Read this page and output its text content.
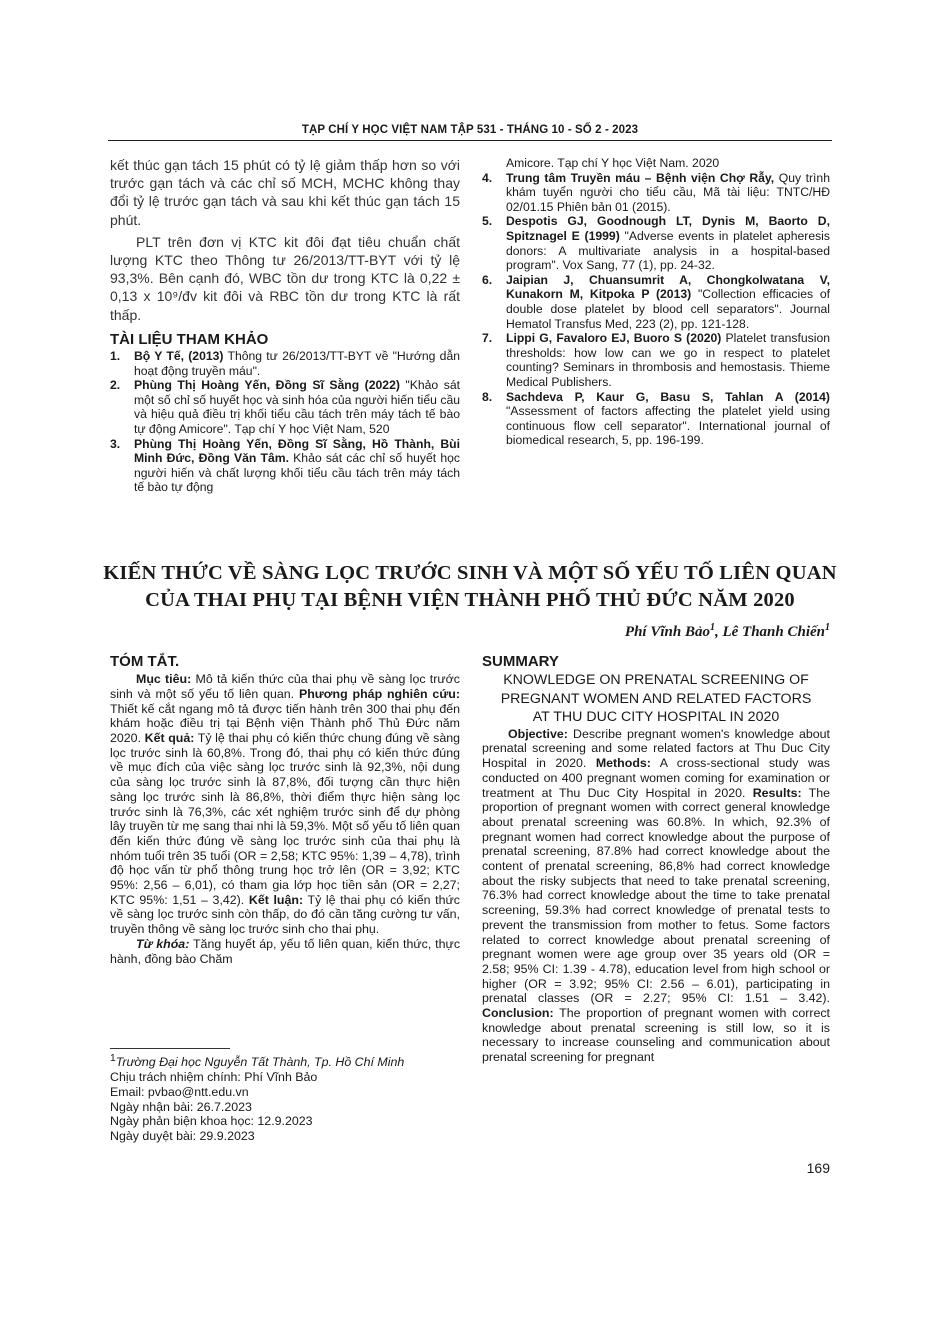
TẠP CHÍ Y HỌC VIỆT NAM TẬP 531 - THÁNG 10 - SỐ 2 - 2023

kết thúc gạn tách 15 phút có tỷ lệ giảm thấp hơn so với trước gạn tách và các chỉ số MCH, MCHC không thay đổi tỷ lệ trước gạn tách và sau khi kết thúc gạn tách 15 phút.

PLT trên đơn vị KTC kit đôi đạt tiêu chuẩn chất lượng KTC theo Thông tư 26/2013/TT-BYT với tỷ lệ 93,3%. Bên cạnh đó, WBC tồn dư trong KTC là 0,22 ± 0,13 x 10⁹/đv kit đôi và RBC tồn dư trong KTC là rất thấp.

TÀI LIỆU THAM KHẢO
1. Bộ Y Tế, (2013) Thông tư 26/2013/TT-BYT về "Hướng dẫn hoạt động truyền máu".
2. Phùng Thị Hoàng Yến, Đồng Sĩ Sằng (2022) "Khảo sát một số chỉ số huyết học và sinh hóa của người hiến tiểu cầu và hiệu quả điều trị khối tiểu cầu tách trên máy tách tế bào tự động Amicore". Tạp chí Y học Việt Nam, 520
3. Phùng Thị Hoàng Yến, Đồng Sĩ Sằng, Hồ Thành, Bùi Minh Đức, Đồng Văn Tâm. Khảo sát các chỉ số huyết học người hiến và chất lượng khối tiểu cầu tách trên máy tách tế bào tự động
Amicore. Tạp chí Y học Việt Nam. 2020
4. Trung tâm Truyền máu – Bệnh viện Chợ Rẫy, Quy trình khám tuyển người cho tiểu cầu, Mã tài liệu: TNTC/HĐ 02/01.15 Phiên bản 01 (2015).
5. Despotis GJ, Goodnough LT, Dynis M, Baorto D, Spitznagel E (1999) "Adverse events in platelet apheresis donors: A multivariate analysis in a hospital-based program". Vox Sang, 77 (1), pp. 24-32.
6. Jaipian J, Chuansumrit A, Chongkolwatana V, Kunakorn M, Kitpoka P (2013) "Collection efficacies of double dose platelet by blood cell separators". Journal Hematol Transfus Med, 223 (2), pp. 121-128.
7. Lippi G, Favaloro EJ, Buoro S (2020) Platelet transfusion thresholds: how low can we go in respect to platelet counting? Seminars in thrombosis and hemostasis. Thieme Medical Publishers.
8. Sachdeva P, Kaur G, Basu S, Tahlan A (2014) "Assessment of factors affecting the platelet yield using continuous flow cell separator". International journal of biomedical research, 5, pp. 196-199.
KIẾN THỨC VỀ SÀNG LỌC TRƯỚC SINH VÀ MỘT SỐ YẾU TỐ LIÊN QUAN
CỦA THAI PHỤ TẠI BỆNH VIỆN THÀNH PHỐ THỦ ĐỨC NĂM 2020
Phí Vĩnh Bảo$^1$, Lê Thanh Chiến$^1$
TÓM TẮT.

Mục tiêu: Mô tả kiến thức của thai phụ về sàng lọc trước sinh và một số yếu tố liên quan. Phương pháp nghiên cứu: Thiết kế cắt ngang mô tả được tiến hành trên 300 thai phụ đến khám hoặc điều trị tại Bệnh viện Thành phố Thủ Đức năm 2020. Kết quả: Tỷ lệ thai phụ có kiến thức chung đúng về sàng lọc trước sinh là 60,8%. Trong đó, thai phụ có kiến thức đúng về mục đích của việc sàng lọc trước sinh là 92,3%, nội dung của sàng lọc trước sinh là 87,8%, đối tượng cần thực hiện sàng lọc trước sinh là 86,8%, thời điểm thực hiện sàng lọc trước sinh là 76,3%, các xét nghiệm trước sinh để dự phòng lây truyền từ mẹ sang thai nhi là 59,3%. Một số yếu tố liên quan đến kiến thức đúng về sàng lọc trước sinh của thai phụ là nhóm tuổi trên 35 tuổi (OR = 2,58; KTC 95%: 1,39 – 4,78), trình độ học vấn từ phổ thông trung học trở lên (OR = 3,92; KTC 95%: 2,56 – 6,01), có tham gia lớp học tiền sản (OR = 2,27; KTC 95%: 1,51 – 3,42). Kết luận: Tỷ lệ thai phụ có kiến thức về sàng lọc trước sinh còn thấp, do đó cần tăng cường tư vấn, truyền thông về sàng lọc trước sinh cho thai phụ.

Từ khóa: Tăng huyết áp, yếu tố liên quan, kiến thức, thực hành, đồng bào Chăm

$^1$Trường Đại học Nguyễn Tất Thành, Tp. Hồ Chí Minh
Chịu trách nhiệm chính: Phí Vĩnh Bảo
Email: pvbao@ntt.edu.vn
Ngày nhận bài: 26.7.2023
Ngày phản biện khoa học: 12.9.2023
Ngày duyệt bài: 29.9.2023
SUMMARY
KNOWLEDGE ON PRENATAL SCREENING OF
PREGNANT WOMEN AND RELATED FACTORS
AT THU DUC CITY HOSPITAL IN 2020

Objective: Describe pregnant women's knowledge about prenatal screening and some related factors at Thu Duc City Hospital in 2020. Methods: A cross-sectional study was conducted on 400 pregnant women coming for examination or treatment at Thu Duc City Hospital in 2020. Results: The proportion of pregnant women with correct general knowledge about prenatal screening was 60.8%. In which, 92.3% of pregnant women had correct knowledge about the purpose of prenatal screening, 87.8% had correct knowledge about the content of prenatal screening, 86,8% had correct knowledge about the risky subjects that need to take prenatal screening, 76.3% had correct knowledge about the time to take prenatal screening, 59.3% had correct knowledge of prenatal tests to prevent the transmission from mother to fetus. Some factors related to correct knowledge about prenatal screening of pregnant women were age group over 35 years old (OR = 2.58; 95% CI: 1.39 - 4.78), education level from high school or higher (OR = 3.92; 95% CI: 2.56 – 6.01), participating in prenatal classes (OR = 2.27; 95% CI: 1.51 – 3.42). Conclusion: The proportion of pregnant women with correct knowledge about prenatal screening is still low, so it is necessary to increase counseling and communication about prenatal screening for pregnant

169
